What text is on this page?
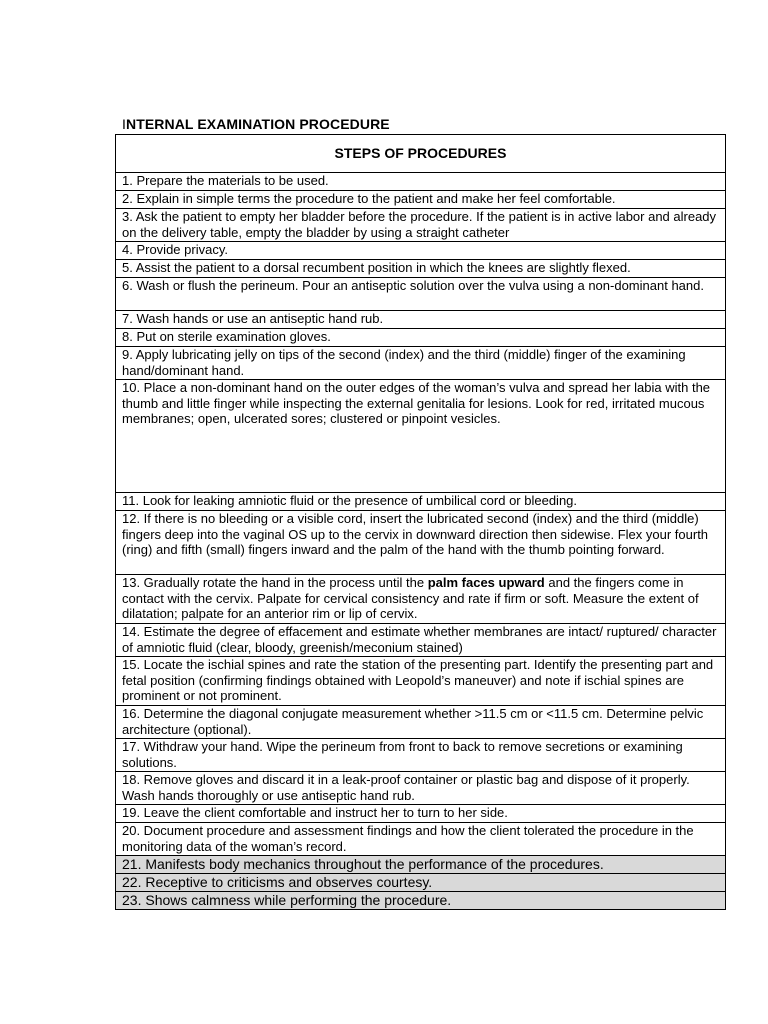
INTERNAL EXAMINATION PROCEDURE
STEPS OF PROCEDURES
1. Prepare the materials to be used.
2. Explain in simple terms the procedure to the patient and make her feel comfortable.
3. Ask the patient to empty her bladder before the procedure. If the patient is in active labor and already on the delivery table, empty the bladder by using a straight catheter
4. Provide privacy.
5. Assist the patient to a dorsal recumbent position in which the knees are slightly flexed.
6. Wash or flush the perineum. Pour an antiseptic solution over the vulva using a non-dominant hand.
7. Wash hands or use an antiseptic hand rub.
8. Put on sterile examination gloves.
9. Apply lubricating jelly on tips of the second (index) and the third (middle) finger of the examining hand/dominant hand.
10. Place a non-dominant hand on the outer edges of the woman’s vulva and spread her labia with the thumb and little finger while inspecting the external genitalia for lesions. Look for red, irritated mucous membranes; open, ulcerated sores; clustered or pinpoint vesicles.
11. Look for leaking amniotic fluid or the presence of umbilical cord or bleeding.
12. If there is no bleeding or a visible cord, insert the lubricated second (index) and the third (middle) fingers deep into the vaginal OS up to the cervix in downward direction then sidewise. Flex your fourth (ring) and fifth (small) fingers inward and the palm of the hand with the thumb pointing forward.
13. Gradually rotate the hand in the process until the palm faces upward and the fingers come in contact with the cervix. Palpate for cervical consistency and rate if firm or soft. Measure the extent of dilatation; palpate for an anterior rim or lip of cervix.
14. Estimate the degree of effacement and estimate whether membranes are intact/ ruptured/ character of amniotic fluid (clear, bloody, greenish/meconium stained)
15. Locate the ischial spines and rate the station of the presenting part. Identify the presenting part and fetal position (confirming findings obtained with Leopold’s maneuver) and note if ischial spines are prominent or not prominent.
16. Determine the diagonal conjugate measurement whether >11.5 cm or <11.5 cm. Determine pelvic architecture (optional).
17. Withdraw your hand. Wipe the perineum from front to back to remove secretions or examining solutions.
18. Remove gloves and discard it in a leak-proof container or plastic bag and dispose of it properly. Wash hands thoroughly or use antiseptic hand rub.
19. Leave the client comfortable and instruct her to turn to her side.
20. Document procedure and assessment findings and how the client tolerated the procedure in the monitoring data of the woman’s record.
21. Manifests body mechanics throughout the performance of the procedures.
22. Receptive to criticisms and observes courtesy.
23. Shows calmness while performing the procedure.
